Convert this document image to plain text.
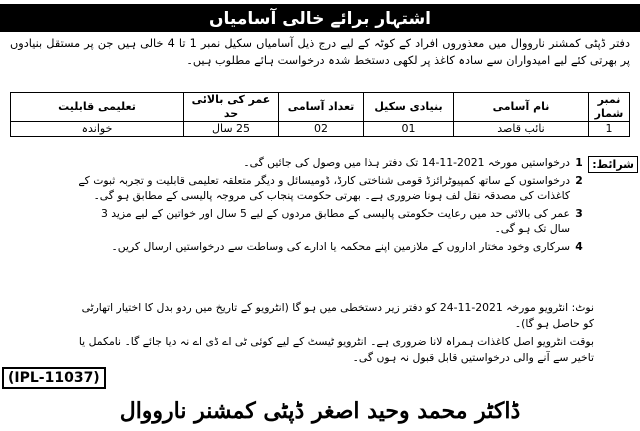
اشتہار برائے خالی آسامیاں
دفتر ڈپٹی کمشنر نارووال میں معذوروں افراد کے کوٹہ کے لیے درج ذیل آسامیاں سکیل نمبر 1 تا 4 خالی ہیں جن پر مستقل بنیادوں پر بھرتی کئے لیے امیدواران سے سادہ کاغذ پر لکھی دستخط شدہ درخواست ہائے مطلوب ہیں۔
نمبر شمار	نام آسامی	بنیادی سکیل	تعداد آسامی	عمر کی بالائی حد	تعلیمی قابلیت
1	نائب قاصد	01	02	25 سال	خواندہ
شرائط:
1
درخواستیں مورخہ 2021-11-14 تک دفتر ہذا میں وصول کی جائیں گی۔
2
درخواستوں کے ساتھ کمپیوٹرائزڈ قومی شناختی کارڈ، ڈومیسائل و دیگر متعلقہ تعلیمی قابلیت و تجربہ ثبوت کے کاغذات کی مصدقہ نقل لف ہونا ضروری ہے۔ بھرتی حکومت پنجاب کی مروجہ پالیسی کے مطابق ہو گی۔
3
عمر کی بالائی حد میں رعایت حکومتی پالیسی کے مطابق مردوں کے لیے 5 سال اور خواتین کے لیے مزید 3 سال تک ہو گی۔
4
سرکاری وخود مختار اداروں کے ملازمین اپنے محکمہ یا ادارے کی وساطت سے درخواستیں ارسال کریں۔

نوٹ: انٹرویو مورخہ 2021-11-24 کو دفتر زیر دستخطی میں ہو گا (انٹرویو کے تاریخ میں ردو بدل کا اختیار اتھارٹی کو حاصل ہو گا)۔

بوقت انٹرویو اصل کاغذات ہمراہ لانا ضروری ہے۔ انٹرویو ٹیسٹ کے لیے کوئی ٹی اے ڈی اے نہ دیا جائے گا۔ نامکمل یا تاخیر سے آنے والی درخواستیں قابل قبول نہ ہوں گی۔

(IPL-11037)
ڈاکٹر محمد وحید اصغر ڈپٹی کمشنر نارووال
